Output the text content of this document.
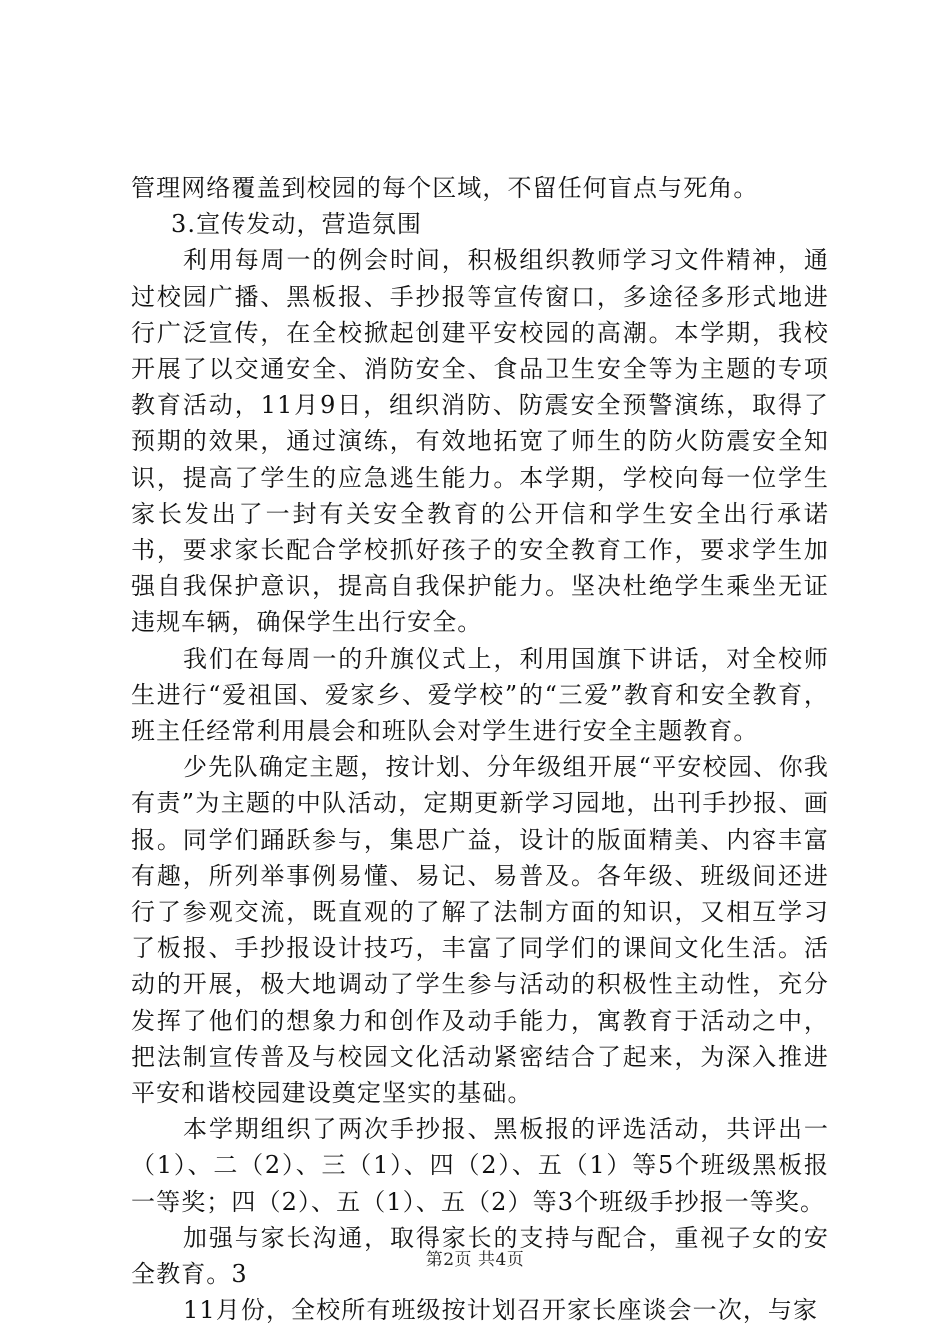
管理网络覆盖到校园的每个区域，不留任何盲点与死角。

3.宣传发动，营造氛围

利用每周一的例会时间，积极组织教师学习文件精神，通过校园广播、黑板报、手抄报等宣传窗口，多途径多形式地进行广泛宣传，在全校掀起创建平安校园的高潮。本学期，我校开展了以交通安全、消防安全、食品卫生安全等为主题的专项教育活动，11月9日，组织消防、防震安全预警演练，取得了预期的效果，通过演练，有效地拓宽了师生的防火防震安全知识，提高了学生的应急逃生能力。本学期，学校向每一位学生家长发出了一封有关安全教育的公开信和学生安全出行承诺书，要求家长配合学校抓好孩子的安全教育工作，要求学生加强自我保护意识，提高自我保护能力。坚决杜绝学生乘坐无证违规车辆，确保学生出行安全。

我们在每周一的升旗仪式上，利用国旗下讲话，对全校师生进行“爱祖国、爱家乡、爱学校”的“三爱”教育和安全教育，班主任经常利用晨会和班队会对学生进行安全主题教育。

少先队确定主题，按计划、分年级组开展“平安校园、你我有责”为主题的中队活动，定期更新学习园地，出刊手抄报、画报。同学们踊跃参与，集思广益，设计的版面精美、内容丰富有趣，所列举事例易懂、易记、易普及。各年级、班级间还进行了参观交流，既直观的了解了法制方面的知识，又相互学习了板报、手抄报设计技巧，丰富了同学们的课间文化生活。活动的开展，极大地调动了学生参与活动的积极性主动性，充分发挥了他们的想象力和创作及动手能力，寓教育于活动之中，把法制宣传普及与校园文化活动紧密结合了起来，为深入推进平安和谐校园建设奠定坚实的基础。

本学期组织了两次手抄报、黑板报的评选活动，共评出一（1）、二（2）、三（1）、四（2）、五（1）等5个班级黑板报一等奖；四（2）、五（1）、五（2）等3个班级手抄报一等奖。

加强与家长沟通，取得家长的支持与配合，重视子女的安全教育。3

11月份，全校所有班级按计划召开家长座谈会一次，与家

第2页 共4页
